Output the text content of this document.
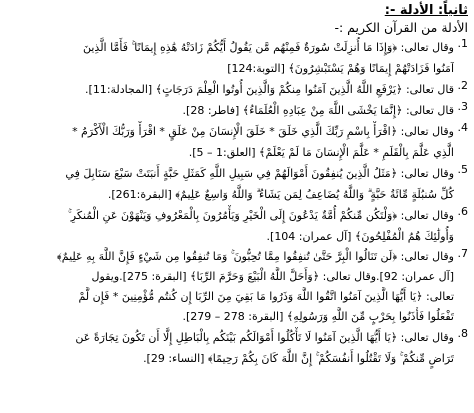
ثانياً: الأدلة -:
الأدلة من القرآن الكريم :-
1.
وقال تعالى: ﴿وَإِذَا مَا أُنزِلَتْ سُورَةٌ فَمِنْهُم مَّن يَقُولُ أَيُّكُمْ زَادَتْهُ هَٰذِهِ إِيمَانًا ۚ فَأَمَّا الَّذِينَ
آمَنُوا فَزَادَتْهُمْ إِيمَانًا وَهُمْ يَسْتَبْشِرُونَ﴾ [التوبة:124]
2.
قال تعالى: ﴿يَرْفَعِ اللَّهُ الَّذِينَ آمَنُوا مِنكُمْ وَالَّذِينَ أُوتُوا الْعِلْمَ دَرَجَاتٍ﴾ [المجادلة:11].
3.
قال تعالى: ﴿إِنَّمَا يَخْشَى اللَّهَ مِنْ عِبَادِهِ الْعُلَمَاءُ﴾ [فاطر: 28].
4.
وقال تعالى: ﴿اقْرَأْ بِاسْمِ رَبِّكَ الَّذِي خَلَقَ * خَلَقَ الْإِنسَانَ مِنْ عَلَقٍ * اقْرَأْ وَرَبُّكَ الْأَكْرَمُ *
الَّذِي عَلَّمَ بِالْقَلَمِ * عَلَّمَ الْإِنسَانَ مَا لَمْ يَعْلَمْ﴾ [العلق:1 – 5].
5.
وقال تعالى: ﴿مَثَلُ الَّذِينَ يُنفِقُونَ أَمْوَالَهُمْ فِي سَبِيلِ اللَّهِ كَمَثَلِ حَبَّةٍ أَنبَتَتْ سَبْعَ سَنَابِلَ فِي
كُلِّ سُنبُلَةٍ مِّائَةُ حَبَّةٍ ۗ وَاللَّهُ يُضَاعِفُ لِمَن يَشَاءُ ۗ وَاللَّهُ وَاسِعٌ عَلِيمٌ﴾ [البقرة:261].
6.
وقال تعالى: ﴿وَلْتَكُن مِّنكُمْ أُمَّةٌ يَدْعُونَ إِلَى الْخَيْرِ وَيَأْمُرُونَ بِالْمَعْرُوفِ وَيَنْهَوْنَ عَنِ الْمُنكَرِ ۚ
وَأُولَٰئِكَ هُمُ الْمُفْلِحُونَ﴾ [آل عمران: 104].
7.
وقال تعالى: ﴿لَن تَنَالُوا الْبِرَّ حَتَّىٰ تُنفِقُوا مِمَّا تُحِبُّونَ ۚ وَمَا تُنفِقُوا مِن شَيْءٍ فَإِنَّ اللَّهَ بِهِ عَلِيمٌ﴾
[آل عمران: 92].وقال تعالى: ﴿وَأَحَلَّ اللَّهُ الْبَيْعَ وَحَرَّمَ الرِّبَا﴾ [البقرة: 275].ويقول
تعالى: ﴿يَا أَيُّهَا الَّذِينَ آمَنُوا اتَّقُوا اللَّهَ وَذَرُوا مَا بَقِيَ مِنَ الرِّبَا إِن كُنتُم مُّؤْمِنِينَ * فَإِن لَّمْ
تَفْعَلُوا فَأْذَنُوا بِحَرْبٍ مِّنَ اللَّهِ وَرَسُولِهِ﴾ [البقرة: 278 – 279].
8.
وقال تعالى: ﴿يَا أَيُّهَا الَّذِينَ آمَنُوا لَا تَأْكُلُوا أَمْوَالَكُم بَيْنَكُم بِالْبَاطِلِ إِلَّا أَن تَكُونَ تِجَارَةً عَن
تَرَاضٍ مِّنكُمْ ۚ وَلَا تَقْتُلُوا أَنفُسَكُمْ ۚ إِنَّ اللَّهَ كَانَ بِكُمْ رَحِيمًا﴾ [النساء: 29].
